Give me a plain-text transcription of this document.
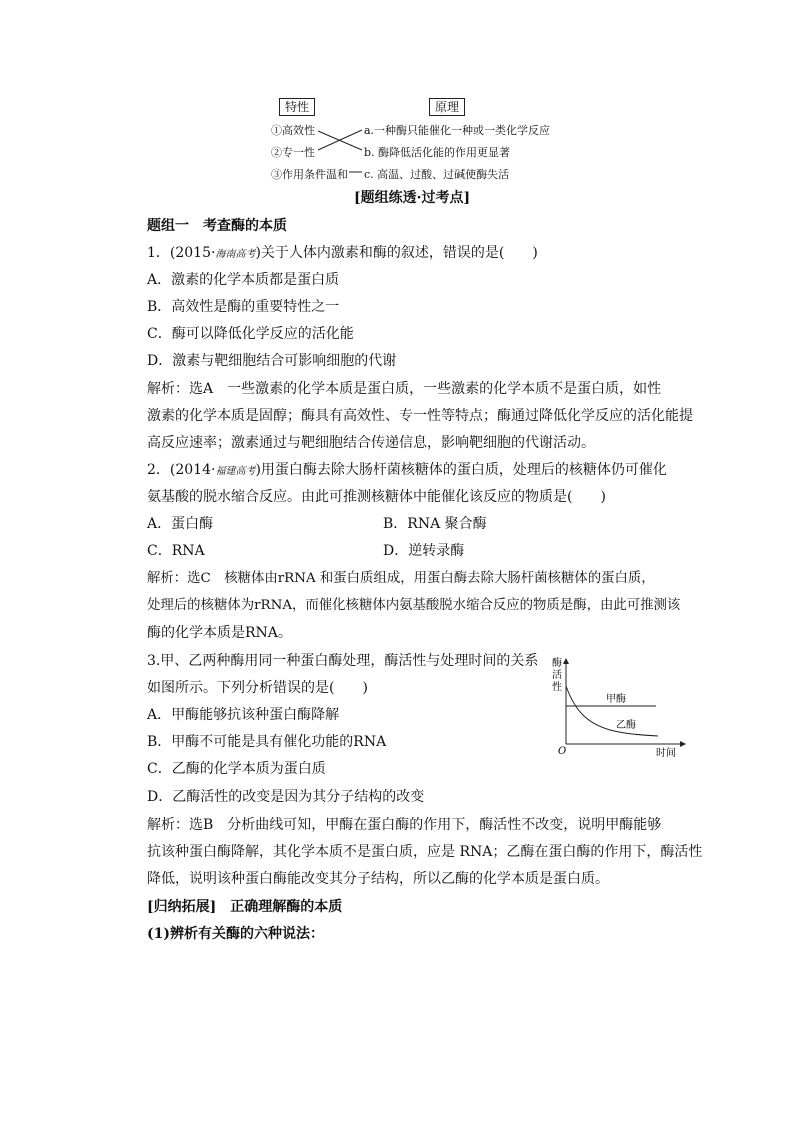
特性	原理
①高效性
②专一性
③作用条件温和
a.一种酶只能催化一种或一类化学反应
b. 酶降低活化能的作用更显著
c. 高温、过酸、过碱使酶失活
[题组练透·过考点]
题组一　考查酶的本质
1．(2015·海南高考)关于人体内激素和酶的叙述，错误的是(　　)
A．激素的化学本质都是蛋白质
B．高效性是酶的重要特性之一
C．酶可以降低化学反应的活化能
D．激素与靶细胞结合可影响细胞的代谢
解析：选A　一些激素的化学本质是蛋白质，一些激素的化学本质不是蛋白质，如性
激素的化学本质是固醇；酶具有高效性、专一性等特点；酶通过降低化学反应的活化能提
高反应速率；激素通过与靶细胞结合传递信息，影响靶细胞的代谢活动。
2．(2014·福建高考)用蛋白酶去除大肠杆菌核糖体的蛋白质，处理后的核糖体仍可催化
氨基酸的脱水缩合反应。由此可推测核糖体中能催化该反应的物质是(　　)
A．蛋白酶	B．RNA 聚合酶
C．RNA	D．逆转录酶
解析：选C　核糖体由rRNA 和蛋白质组成，用蛋白酶去除大肠杆菌核糖体的蛋白质，
处理后的核糖体为rRNA，而催化核糖体内氨基酸脱水缩合反应的物质是酶，由此可推测该
酶的化学本质是RNA。
3.甲、乙两种酶用同一种蛋白酶处理，酶活性与处理时间的关系
如图所示。下列分析错误的是(　　)
A．甲酶能够抗该种蛋白酶降解
B．甲酶不可能是具有催化功能的RNA
C．乙酶的化学本质为蛋白质
D．乙酶活性的改变是因为其分子结构的改变
酶
活
性
O	时间
甲酶
乙酶
解析：选B　分析曲线可知，甲酶在蛋白酶的作用下，酶活性不改变，说明甲酶能够
抗该种蛋白酶降解，其化学本质不是蛋白质，应是 RNA；乙酶在蛋白酶的作用下，酶活性
降低，说明该种蛋白酶能改变其分子结构，所以乙酶的化学本质是蛋白质。
[归纳拓展]　正确理解酶的本质
(1)辨析有关酶的六种说法：
